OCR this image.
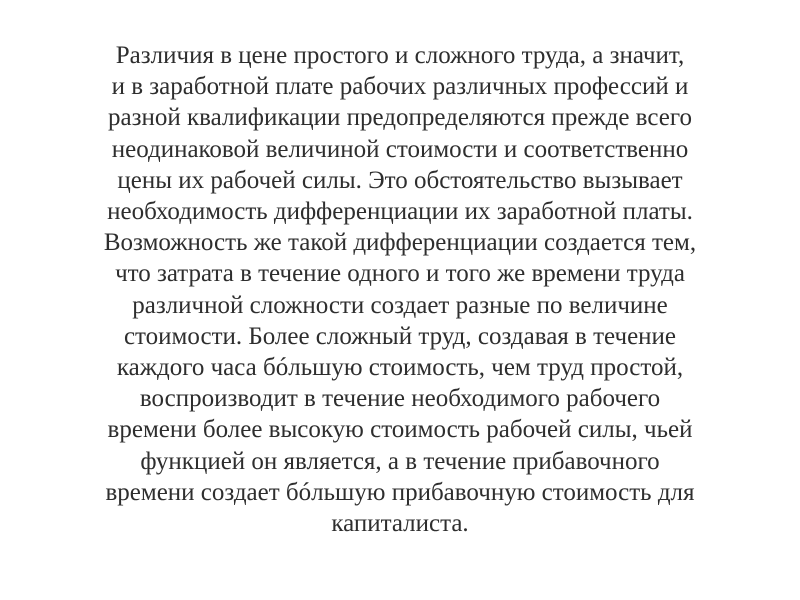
Различия в цене простого и сложного труда, а значит,
и в заработной плате рабочих различных профессий и
разной квалификации предопределяются прежде всего
неодинаковой величиной стоимости и соответственно
цены их рабочей силы. Это обстоятельство вызывает
необходимость дифференциации их заработной платы.
Возможность же такой дифференциации создается тем,
что затрата в течение одного и того же времени труда
различной сложности создает разные по величине
стоимости. Более сложный труд, создавая в течение
каждого часа бóльшую стоимость, чем труд простой,
воспроизводит в течение необходимого рабочего
времени более высокую стоимость рабочей силы, чьей
функцией он является, а в течение прибавочного
времени создает бóльшую прибавочную стоимость для
капиталиста.
